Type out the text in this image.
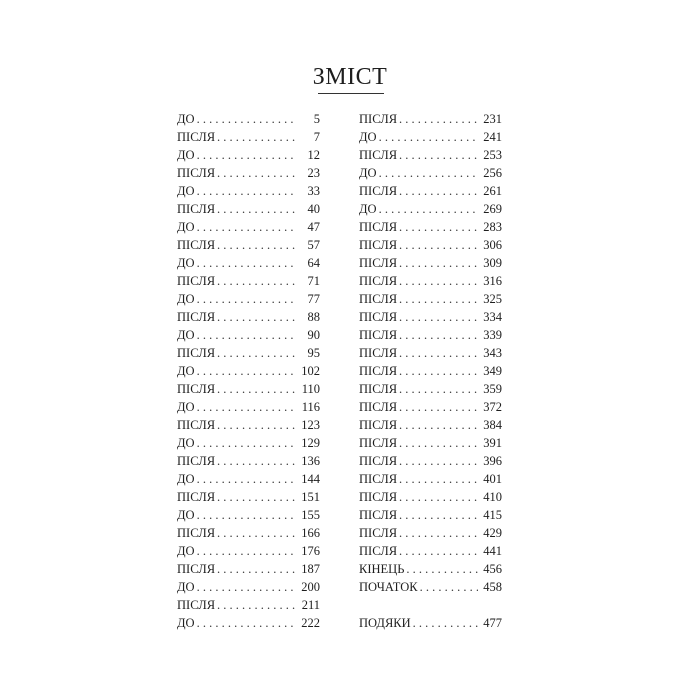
ЗМІСТ
ДО . . .	5
ПІСЛЯ . . .	7
ДО . . .	12
ПІСЛЯ . . .	23
ДО . . .	33
ПІСЛЯ . . .	40
ДО . . .	47
ПІСЛЯ . . .	57
ДО . . .	64
ПІСЛЯ . . .	71
ДО . . .	77
ПІСЛЯ . . .	88
ДО . . .	90
ПІСЛЯ . . .	95
ДО . . .	102
ПІСЛЯ . . .	110
ДО . . .	116
ПІСЛЯ . . .	123
ДО . . .	129
ПІСЛЯ . . .	136
ДО . . .	144
ПІСЛЯ . . .	151
ДО . . .	155
ПІСЛЯ . . .	166
ДО . . .	176
ПІСЛЯ . . .	187
ДО . . .	200
ПІСЛЯ . . .	211
ДО . . .	222
ПІСЛЯ . . .	231
ДО . . .	241
ПІСЛЯ . . .	253
ДО . . .	256
ПІСЛЯ . . .	261
ДО . . .	269
ПІСЛЯ . . .	283
ПІСЛЯ . . .	306
ПІСЛЯ . . .	309
ПІСЛЯ . . .	316
ПІСЛЯ . . .	325
ПІСЛЯ . . .	334
ПІСЛЯ . . .	339
ПІСЛЯ . . .	343
ПІСЛЯ . . .	349
ПІСЛЯ . . .	359
ПІСЛЯ . . .	372
ПІСЛЯ . . .	384
ПІСЛЯ . . .	391
ПІСЛЯ . . .	396
ПІСЛЯ . . .	401
ПІСЛЯ . . .	410
ПІСЛЯ . . .	415
ПІСЛЯ . . .	429
ПІСЛЯ . . .	441
КІНЕЦЬ . . .	456
ПОЧАТОК . . .	458
ПОДЯКИ . . .	477
